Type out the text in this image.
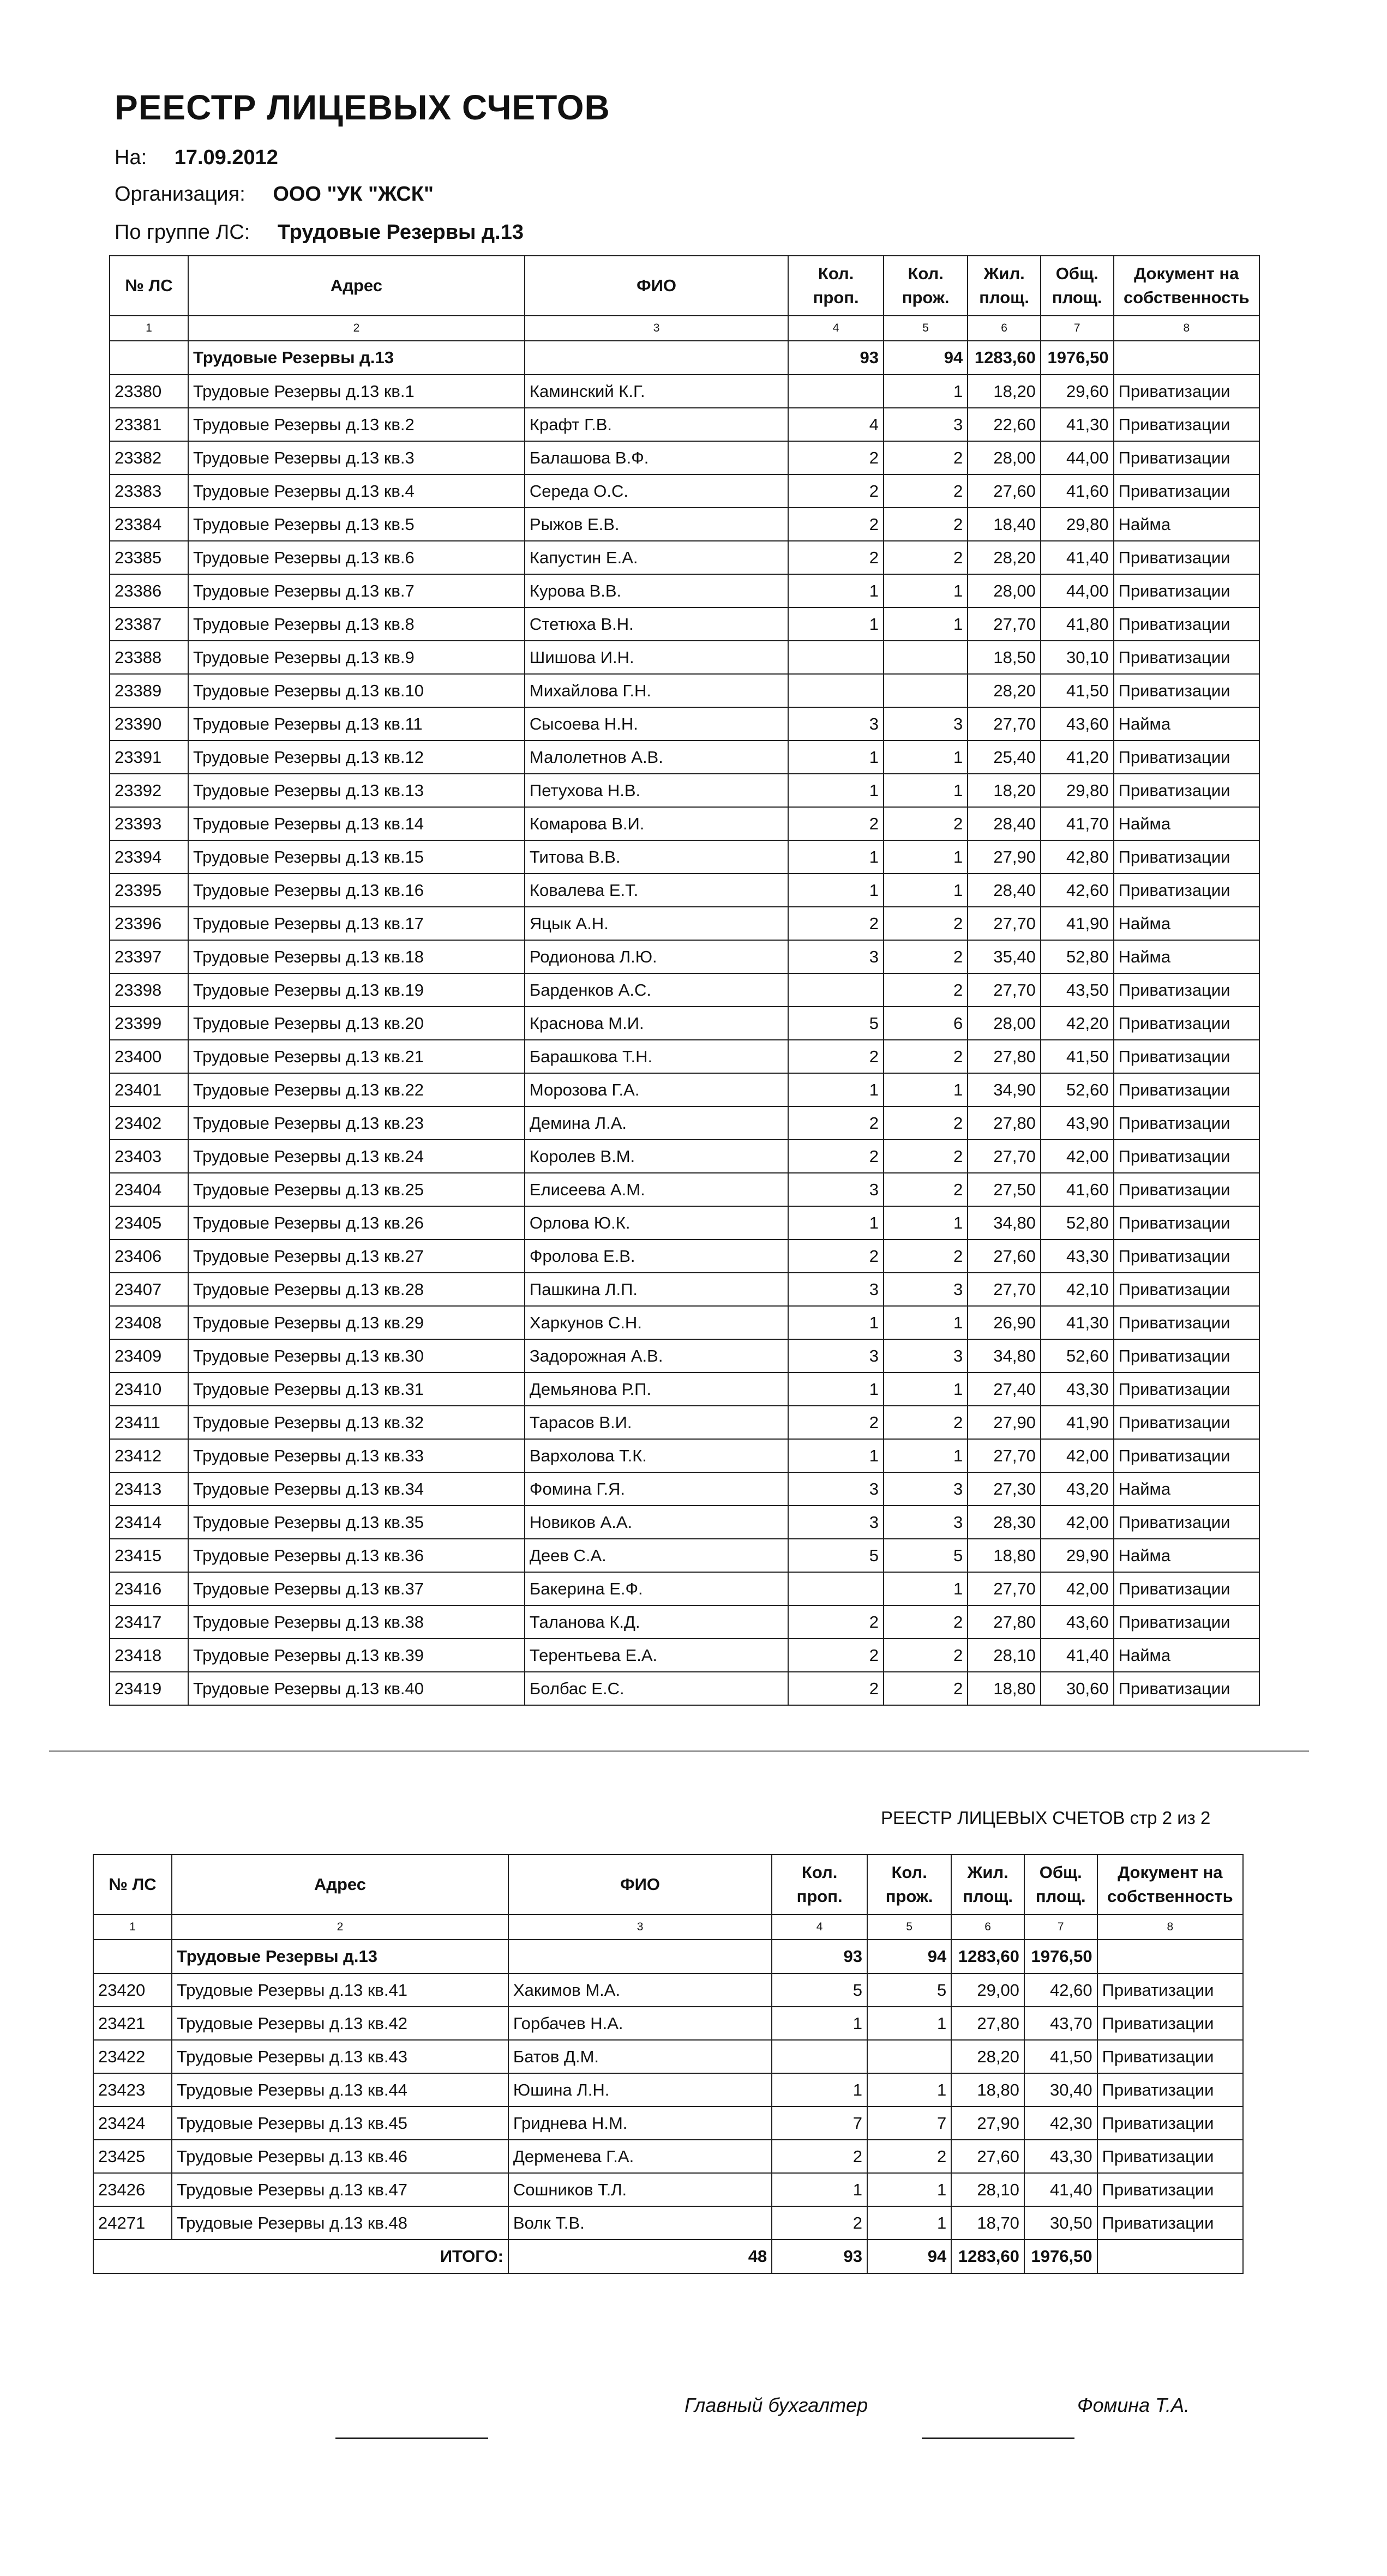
РЕЕСТР ЛИЦЕВЫХ СЧЕТОВ
На: 17.09.2012
Организация: ООО "УК "ЖСК"
По группе ЛС: Трудовые Резервы д.13
№ ЛС	Адрес	ФИО	Кол. проп.	Кол. прож.	Жил. площ.	Общ. площ.	Документ на собственность
1	2	3	4	5	6	7	8
	Трудовые Резервы д.13		93	94	1283,60	1976,50	
23380	Трудовые Резервы д.13 кв.1	Каминский К.Г.		1	18,20	29,60	Приватизации
23381	Трудовые Резервы д.13 кв.2	Крафт Г.В.	4	3	22,60	41,30	Приватизации
23382	Трудовые Резервы д.13 кв.3	Балашова В.Ф.	2	2	28,00	44,00	Приватизации
23383	Трудовые Резервы д.13 кв.4	Середа О.С.	2	2	27,60	41,60	Приватизации
23384	Трудовые Резервы д.13 кв.5	Рыжов Е.В.	2	2	18,40	29,80	Найма
23385	Трудовые Резервы д.13 кв.6	Капустин Е.А.	2	2	28,20	41,40	Приватизации
23386	Трудовые Резервы д.13 кв.7	Курова В.В.	1	1	28,00	44,00	Приватизации
23387	Трудовые Резервы д.13 кв.8	Стетюха В.Н.	1	1	27,70	41,80	Приватизации
23388	Трудовые Резервы д.13 кв.9	Шишова И.Н.			18,50	30,10	Приватизации
23389	Трудовые Резервы д.13 кв.10	Михайлова Г.Н.			28,20	41,50	Приватизации
23390	Трудовые Резервы д.13 кв.11	Сысоева Н.Н.	3	3	27,70	43,60	Найма
23391	Трудовые Резервы д.13 кв.12	Малолетнов А.В.	1	1	25,40	41,20	Приватизации
23392	Трудовые Резервы д.13 кв.13	Петухова Н.В.	1	1	18,20	29,80	Приватизации
23393	Трудовые Резервы д.13 кв.14	Комарова В.И.	2	2	28,40	41,70	Найма
23394	Трудовые Резервы д.13 кв.15	Титова В.В.	1	1	27,90	42,80	Приватизации
23395	Трудовые Резервы д.13 кв.16	Ковалева Е.Т.	1	1	28,40	42,60	Приватизации
23396	Трудовые Резервы д.13 кв.17	Яцык А.Н.	2	2	27,70	41,90	Найма
23397	Трудовые Резервы д.13 кв.18	Родионова Л.Ю.	3	2	35,40	52,80	Найма
23398	Трудовые Резервы д.13 кв.19	Барденков А.С.		2	27,70	43,50	Приватизации
23399	Трудовые Резервы д.13 кв.20	Краснова М.И.	5	6	28,00	42,20	Приватизации
23400	Трудовые Резервы д.13 кв.21	Барашкова Т.Н.	2	2	27,80	41,50	Приватизации
23401	Трудовые Резервы д.13 кв.22	Морозова Г.А.	1	1	34,90	52,60	Приватизации
23402	Трудовые Резервы д.13 кв.23	Демина Л.А.	2	2	27,80	43,90	Приватизации
23403	Трудовые Резервы д.13 кв.24	Королев В.М.	2	2	27,70	42,00	Приватизации
23404	Трудовые Резервы д.13 кв.25	Елисеева А.М.	3	2	27,50	41,60	Приватизации
23405	Трудовые Резервы д.13 кв.26	Орлова Ю.К.	1	1	34,80	52,80	Приватизации
23406	Трудовые Резервы д.13 кв.27	Фролова Е.В.	2	2	27,60	43,30	Приватизации
23407	Трудовые Резервы д.13 кв.28	Пашкина Л.П.	3	3	27,70	42,10	Приватизации
23408	Трудовые Резервы д.13 кв.29	Харкунов С.Н.	1	1	26,90	41,30	Приватизации
23409	Трудовые Резервы д.13 кв.30	Задорожная А.В.	3	3	34,80	52,60	Приватизации
23410	Трудовые Резервы д.13 кв.31	Демьянова Р.П.	1	1	27,40	43,30	Приватизации
23411	Трудовые Резервы д.13 кв.32	Тарасов В.И.	2	2	27,90	41,90	Приватизации
23412	Трудовые Резервы д.13 кв.33	Вархолова Т.К.	1	1	27,70	42,00	Приватизации
23413	Трудовые Резервы д.13 кв.34	Фомина Г.Я.	3	3	27,30	43,20	Найма
23414	Трудовые Резервы д.13 кв.35	Новиков А.А.	3	3	28,30	42,00	Приватизации
23415	Трудовые Резервы д.13 кв.36	Деев С.А.	5	5	18,80	29,90	Найма
23416	Трудовые Резервы д.13 кв.37	Бакерина Е.Ф.		1	27,70	42,00	Приватизации
23417	Трудовые Резервы д.13 кв.38	Таланова К.Д.	2	2	27,80	43,60	Приватизации
23418	Трудовые Резервы д.13 кв.39	Терентьева Е.А.	2	2	28,10	41,40	Найма
23419	Трудовые Резервы д.13 кв.40	Болбас Е.С.	2	2	18,80	30,60	Приватизации
РЕЕСТР ЛИЦЕВЫХ СЧЕТОВ стр 2 из 2
№ ЛС	Адрес	ФИО	Кол. проп.	Кол. прож.	Жил. площ.	Общ. площ.	Документ на собственность
1	2	3	4	5	6	7	8
	Трудовые Резервы д.13		93	94	1283,60	1976,50	
23420	Трудовые Резервы д.13 кв.41	Хакимов М.А.	5	5	29,00	42,60	Приватизации
23421	Трудовые Резервы д.13 кв.42	Горбачев Н.А.	1	1	27,80	43,70	Приватизации
23422	Трудовые Резервы д.13 кв.43	Батов Д.М.			28,20	41,50	Приватизации
23423	Трудовые Резервы д.13 кв.44	Юшина Л.Н.	1	1	18,80	30,40	Приватизации
23424	Трудовые Резервы д.13 кв.45	Гриднева Н.М.	7	7	27,90	42,30	Приватизации
23425	Трудовые Резервы д.13 кв.46	Дерменева Г.А.	2	2	27,60	43,30	Приватизации
23426	Трудовые Резервы д.13 кв.47	Сошников Т.Л.	1	1	28,10	41,40	Приватизации
24271	Трудовые Резервы д.13 кв.48	Волк Т.В.	2	1	18,70	30,50	Приватизации
ИТОГО:		48	93	94	1283,60	1976,50	
Главный бухгалтер	Фомина Т.А.
